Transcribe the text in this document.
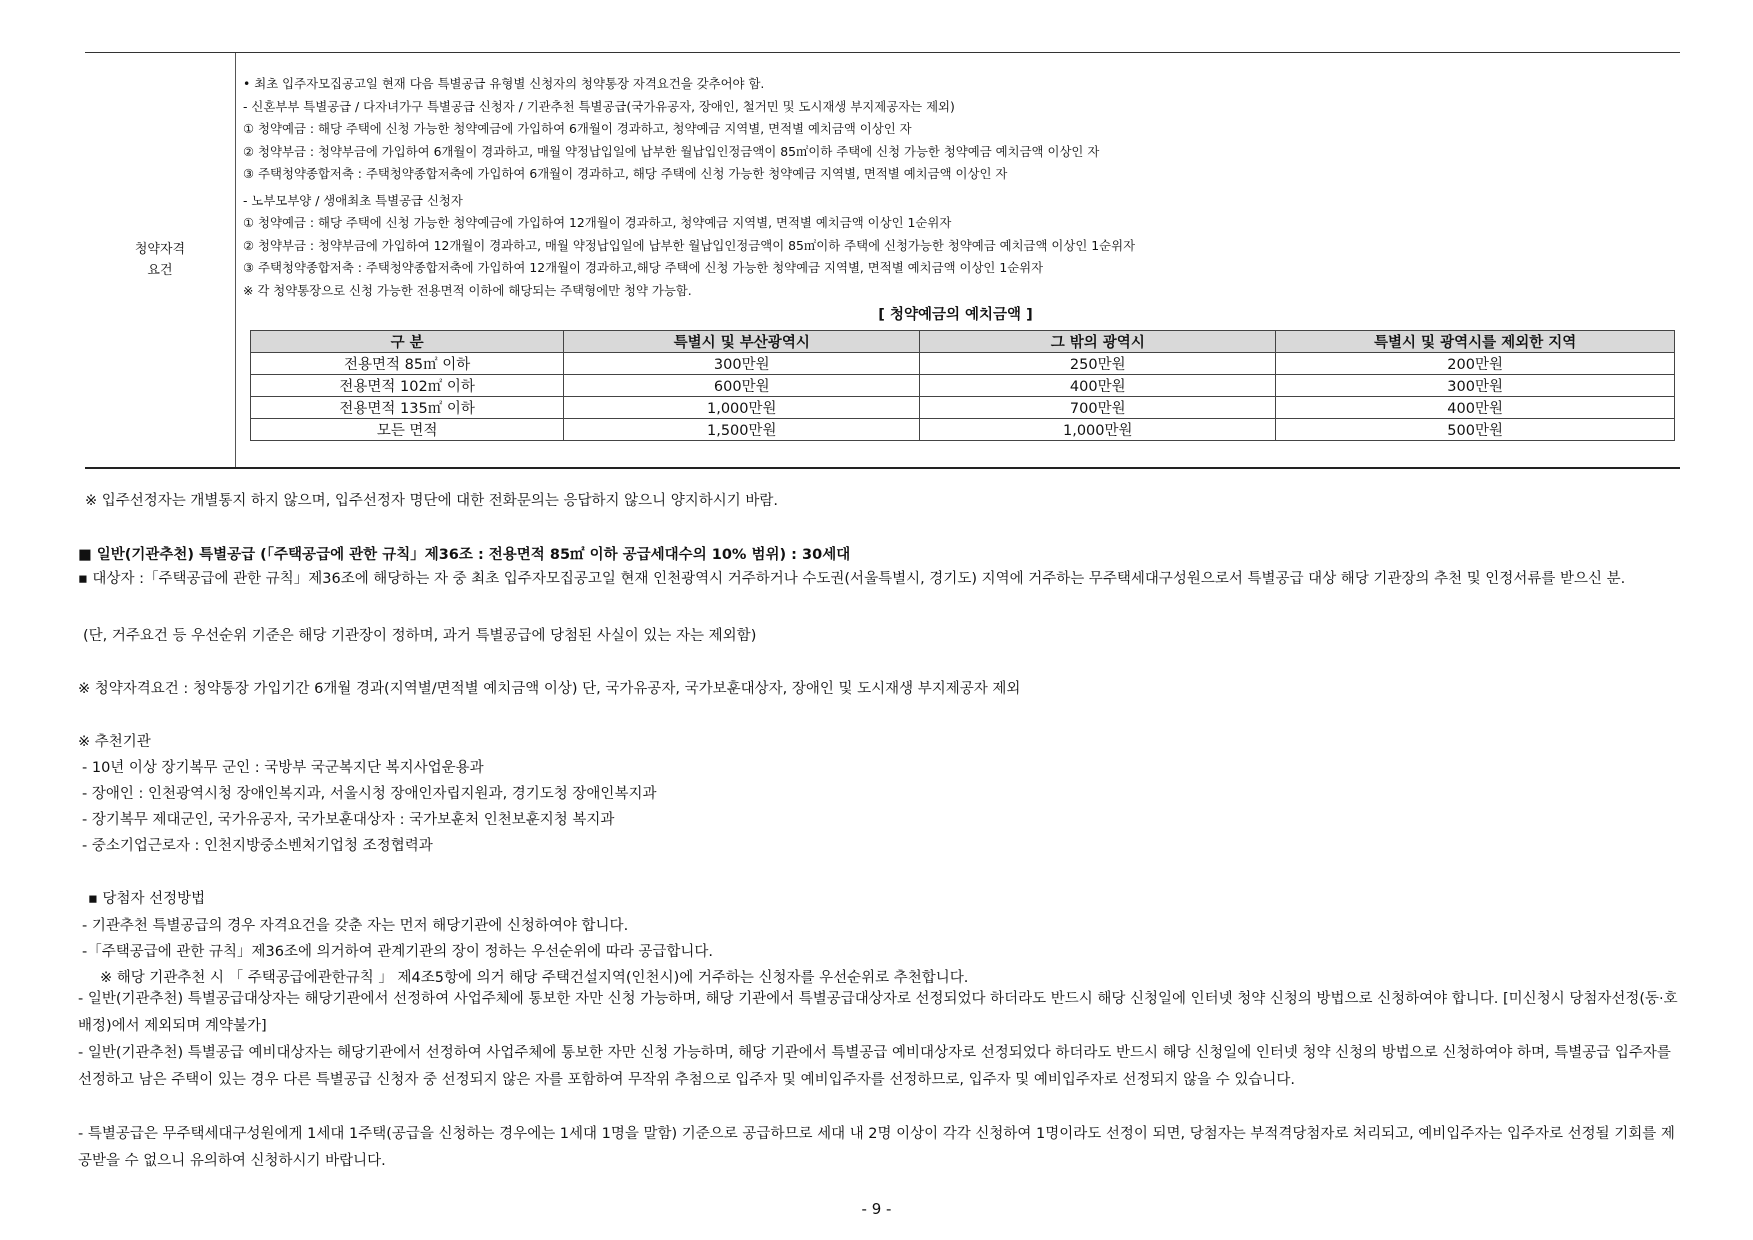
청약자격
요건
• 최초 입주자모집공고일 현재 다음 특별공급 유형별 신청자의 청약통장 자격요건을 갖추어야 함.
- 신혼부부 특별공급 / 다자녀가구 특별공급 신청자 / 기관추천 특별공급(국가유공자, 장애인, 철거민 및 도시재생 부지제공자는 제외)
① 청약예금 : 해당 주택에 신청 가능한 청약예금에 가입하여 6개월이 경과하고, 청약예금 지역별, 면적별 예치금액 이상인 자
② 청약부금 : 청약부금에 가입하여 6개월이 경과하고, 매월 약정납입일에 납부한 월납입인정금액이 85㎡이하 주택에 신청 가능한 청약예금 예치금액 이상인 자
③ 주택청약종합저축 : 주택청약종합저축에 가입하여 6개월이 경과하고, 해당 주택에 신청 가능한 청약예금 지역별, 면적별 예치금액 이상인 자
- 노부모부양 / 생애최초 특별공급 신청자
① 청약예금 : 해당 주택에 신청 가능한 청약예금에 가입하여 12개월이 경과하고, 청약예금 지역별, 면적별 예치금액 이상인 1순위자
② 청약부금 : 청약부금에 가입하여 12개월이 경과하고, 매월 약정납입일에 납부한 월납입인정금액이 85㎡이하 주택에 신청가능한 청약예금 예치금액 이상인 1순위자
③ 주택청약종합저축 : 주택청약종합저축에 가입하여 12개월이 경과하고,해당 주택에 신청 가능한 청약예금 지역별, 면적별 예치금액 이상인 1순위자
※ 각 청약통장으로 신청 가능한 전용면적 이하에 해당되는 주택형에만 청약 가능함.
[ 청약예금의 예치금액 ]
구 분	특별시 및 부산광역시	그 밖의 광역시	특별시 및 광역시를 제외한 지역
전용면적 85㎡ 이하	300만원	250만원	200만원
전용면적 102㎡ 이하	600만원	400만원	300만원
전용면적 135㎡ 이하	1,000만원	700만원	400만원
모든 면적	1,500만원	1,000만원	500만원
※ 입주선정자는 개별통지 하지 않으며, 입주선정자 명단에 대한 전화문의는 응답하지 않으니 양지하시기 바람.
■ 일반(기관추천) 특별공급 (「주택공급에 관한 규칙」제36조 : 전용면적 85㎡ 이하 공급세대수의 10% 범위) : 30세대
▪ 대상자 :「주택공급에 관한 규칙」제36조에 해당하는 자 중 최초 입주자모집공고일 현재 인천광역시 거주하거나 수도권(서울특별시, 경기도) 지역에 거주하는 무주택세대구성원으로서 특별공급 대상 해당 기관장의 추천 및 인정서류를 받으신 분.
(단, 거주요건 등 우선순위 기준은 해당 기관장이 정하며, 과거 특별공급에 당첨된 사실이 있는 자는 제외함)
※ 청약자격요건 : 청약통장 가입기간 6개월 경과(지역별/면적별 예치금액 이상) 단, 국가유공자, 국가보훈대상자, 장애인 및 도시재생 부지제공자 제외
※ 추천기관
- 10년 이상 장기복무 군인 : 국방부 국군복지단 복지사업운용과
- 장애인 : 인천광역시청 장애인복지과, 서울시청 장애인자립지원과, 경기도청 장애인복지과
- 장기복무 제대군인, 국가유공자, 국가보훈대상자 : 국가보훈처 인천보훈지청 복지과
- 중소기업근로자 : 인천지방중소벤처기업청 조정협력과
▪ 당첨자 선정방법
- 기관추천 특별공급의 경우 자격요건을 갖춘 자는 먼저 해당기관에 신청하여야 합니다.
-「주택공급에 관한 규칙」제36조에 의거하여 관계기관의 장이 정하는 우선순위에 따라 공급합니다.
※ 해당 기관추천 시 「 주택공급에관한규칙 」 제4조5항에 의거 해당 주택건설지역(인천시)에 거주하는 신청자를 우선순위로 추천합니다.
- 일반(기관추천) 특별공급대상자는 해당기관에서 선정하여 사업주체에 통보한 자만 신청 가능하며, 해당 기관에서 특별공급대상자로 선정되었다 하더라도 반드시 해당 신청일에 인터넷 청약 신청의 방법으로 신청하여야 합니다. [미신청시 당첨자선정(동·호배정)에서 제외되며 계약불가]
- 일반(기관추천) 특별공급 예비대상자는 해당기관에서 선정하여 사업주체에 통보한 자만 신청 가능하며, 해당 기관에서 특별공급 예비대상자로 선정되었다 하더라도 반드시 해당 신청일에 인터넷 청약 신청의 방법으로 신청하여야 하며, 특별공급 입주자를 선정하고 남은 주택이 있는 경우 다른 특별공급 신청자 중 선정되지 않은 자를 포함하여 무작위 추첨으로 입주자 및 예비입주자를 선정하므로, 입주자 및 예비입주자로 선정되지 않을 수 있습니다.
- 특별공급은 무주택세대구성원에게 1세대 1주택(공급을 신청하는 경우에는 1세대 1명을 말함) 기준으로 공급하므로 세대 내 2명 이상이 각각 신청하여 1명이라도 선정이 되면, 당첨자는 부적격당첨자로 처리되고, 예비입주자는 입주자로 선정될 기회를 제공받을 수 없으니 유의하여 신청하시기 바랍니다.
- 9 -
